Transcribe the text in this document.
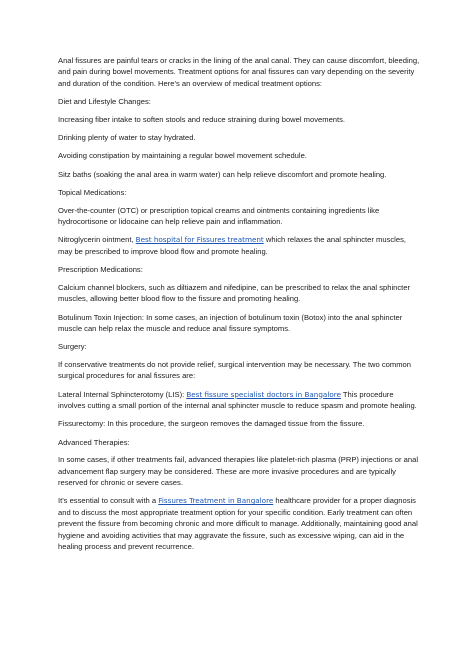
Anal fissures are painful tears or cracks in the lining of the anal canal. They can cause discomfort, bleeding, and pain during bowel movements. Treatment options for anal fissures can vary depending on the severity and duration of the condition. Here's an overview of medical treatment options:

Diet and Lifestyle Changes:

Increasing fiber intake to soften stools and reduce straining during bowel movements.

Drinking plenty of water to stay hydrated.

Avoiding constipation by maintaining a regular bowel movement schedule.

Sitz baths (soaking the anal area in warm water) can help relieve discomfort and promote healing.

Topical Medications:

Over-the-counter (OTC) or prescription topical creams and ointments containing ingredients like hydrocortisone or lidocaine can help relieve pain and inflammation.

Nitroglycerin ointment, Best hospital for Fissures treatment which relaxes the anal sphincter muscles, may be prescribed to improve blood flow and promote healing.

Prescription Medications:

Calcium channel blockers, such as diltiazem and nifedipine, can be prescribed to relax the anal sphincter muscles, allowing better blood flow to the fissure and promoting healing.

Botulinum Toxin Injection: In some cases, an injection of botulinum toxin (Botox) into the anal sphincter muscle can help relax the muscle and reduce anal fissure symptoms.

Surgery:

If conservative treatments do not provide relief, surgical intervention may be necessary. The two common surgical procedures for anal fissures are:

Lateral Internal Sphincterotomy (LIS): Best fissure specialist doctors in Bangalore This procedure involves cutting a small portion of the internal anal sphincter muscle to reduce spasm and promote healing.

Fissurectomy: In this procedure, the surgeon removes the damaged tissue from the fissure.

Advanced Therapies:

In some cases, if other treatments fail, advanced therapies like platelet-rich plasma (PRP) injections or anal advancement flap surgery may be considered. These are more invasive procedures and are typically reserved for chronic or severe cases.

It's essential to consult with a Fissures Treatment in Bangalore healthcare provider for a proper diagnosis and to discuss the most appropriate treatment option for your specific condition. Early treatment can often prevent the fissure from becoming chronic and more difficult to manage. Additionally, maintaining good anal hygiene and avoiding activities that may aggravate the fissure, such as excessive wiping, can aid in the healing process and prevent recurrence.
